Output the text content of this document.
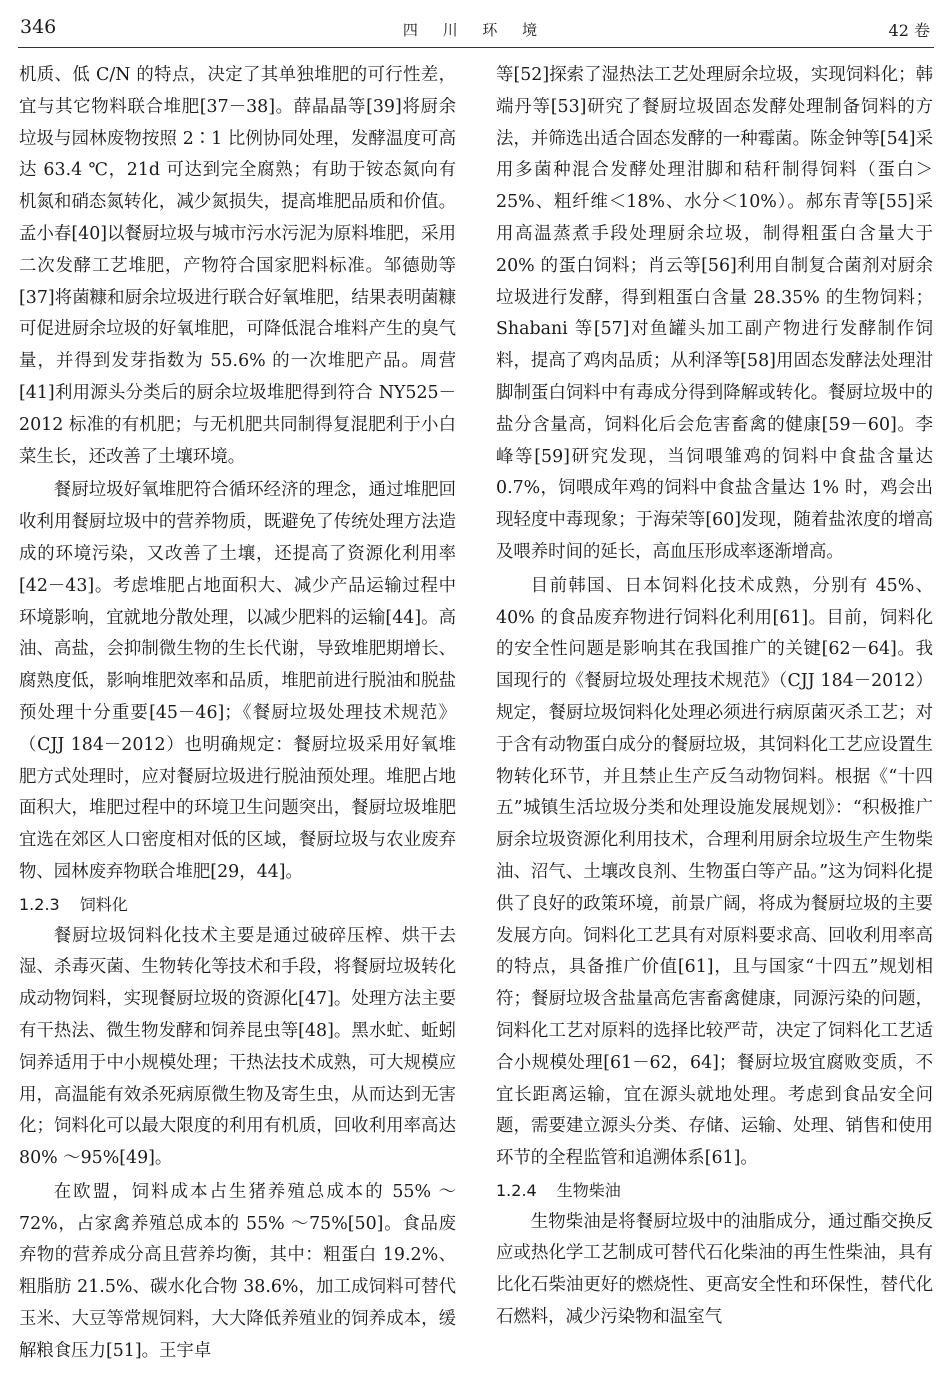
346	四 川 环 境	42 卷

机质、低 C/N 的特点，决定了其单独堆肥的可行性差，宜与其它物料联合堆肥[37－38]。薛晶晶等[39]将厨余垃圾与园林废物按照 2∶1 比例协同处理，发酵温度可高达 63.4 ℃，21d 可达到完全腐熟；有助于铵态氮向有机氮和硝态氮转化，减少氮损失，提高堆肥品质和价值。孟小春[40]以餐厨垃圾与城市污水污泥为原料堆肥，采用二次发酵工艺堆肥，产物符合国家肥料标准。邹德勋等[37]将菌糠和厨余垃圾进行联合好氧堆肥，结果表明菌糠可促进厨余垃圾的好氧堆肥，可降低混合堆料产生的臭气量，并得到发芽指数为 55.6% 的一次堆肥产品。周营[41]利用源头分类后的厨余垃圾堆肥得到符合 NY525－2012 标准的有机肥；与无机肥共同制得复混肥利于小白菜生长，还改善了土壤环境。

餐厨垃圾好氧堆肥符合循环经济的理念，通过堆肥回收利用餐厨垃圾中的营养物质，既避免了传统处理方法造成的环境污染，又改善了土壤，还提高了资源化利用率[42－43]。考虑堆肥占地面积大、减少产品运输过程中环境影响，宜就地分散处理，以减少肥料的运输[44]。高油、高盐，会抑制微生物的生长代谢，导致堆肥期增长、腐熟度低，影响堆肥效率和品质，堆肥前进行脱油和脱盐预处理十分重要[45－46]；《餐厨垃圾处理技术规范》（CJJ 184－2012）也明确规定：餐厨垃圾采用好氧堆肥方式处理时，应对餐厨垃圾进行脱油预处理。堆肥占地面积大，堆肥过程中的环境卫生问题突出，餐厨垃圾堆肥宜选在郊区人口密度相对低的区域，餐厨垃圾与农业废弃物、园林废弃物联合堆肥[29，44]。

1.2.3 饲料化

餐厨垃圾饲料化技术主要是通过破碎压榨、烘干去湿、杀毒灭菌、生物转化等技术和手段，将餐厨垃圾转化成动物饲料，实现餐厨垃圾的资源化[47]。处理方法主要有干热法、微生物发酵和饲养昆虫等[48]。黑水虻、蚯蚓饲养适用于中小规模处理；干热法技术成熟，可大规模应用，高温能有效杀死病原微生物及寄生虫，从而达到无害化；饲料化可以最大限度的利用有机质，回收利用率高达 80% ～95%[49]。

在欧盟，饲料成本占生猪养殖总成本的 55% ～72%，占家禽养殖总成本的 55% ～75%[50]。食品废弃物的营养成分高且营养均衡，其中：粗蛋白 19.2%、粗脂肪 21.5%、碳水化合物 38.6%，加工成饲料可替代玉米、大豆等常规饲料，大大降低养殖业的饲养成本，缓解粮食压力[51]。王宇卓

等[52]探索了湿热法工艺处理厨余垃圾，实现饲料化；韩端丹等[53]研究了餐厨垃圾固态发酵处理制备饲料的方法，并筛选出适合固态发酵的一种霉菌。陈金钟等[54]采用多菌种混合发酵处理泔脚和秸秆制得饲料（蛋白＞25%、粗纤维＜18%、水分＜10%）。郝东青等[55]采用高温蒸煮手段处理厨余垃圾，制得粗蛋白含量大于 20% 的蛋白饲料；肖云等[56]利用自制复合菌剂对厨余垃圾进行发酵，得到粗蛋白含量 28.35% 的生物饲料；Shabani 等[57]对鱼罐头加工副产物进行发酵制作饲料，提高了鸡肉品质；从利泽等[58]用固态发酵法处理泔脚制蛋白饲料中有毒成分得到降解或转化。餐厨垃圾中的盐分含量高，饲料化后会危害畜禽的健康[59－60]。李峰等[59]研究发现，当饲喂雏鸡的饲料中食盐含量达 0.7%，饲喂成年鸡的饲料中食盐含量达 1% 时，鸡会出现轻度中毒现象；于海荣等[60]发现，随着盐浓度的增高及喂养时间的延长，高血压形成率逐渐增高。

目前韩国、日本饲料化技术成熟，分别有 45%、40% 的食品废弃物进行饲料化利用[61]。目前，饲料化的安全性问题是影响其在我国推广的关键[62－64]。我国现行的《餐厨垃圾处理技术规范》（CJJ 184－2012）规定，餐厨垃圾饲料化处理必须进行病原菌灭杀工艺；对于含有动物蛋白成分的餐厨垃圾，其饲料化工艺应设置生物转化环节，并且禁止生产反刍动物饲料。根据《“十四五”城镇生活垃圾分类和处理设施发展规划》：“积极推广厨余垃圾资源化利用技术，合理利用厨余垃圾生产生物柴油、沼气、土壤改良剂、生物蛋白等产品。”这为饲料化提供了良好的政策环境，前景广阔，将成为餐厨垃圾的主要发展方向。饲料化工艺具有对原料要求高、回收利用率高的特点，具备推广价值[61]，且与国家“十四五”规划相符；餐厨垃圾含盐量高危害畜禽健康，同源污染的问题，饲料化工艺对原料的选择比较严苛，决定了饲料化工艺适合小规模处理[61－62，64]；餐厨垃圾宜腐败变质，不宜长距离运输，宜在源头就地处理。考虑到食品安全问题，需要建立源头分类、存储、运输、处理、销售和使用环节的全程监管和追溯体系[61]。

1.2.4 生物柴油

生物柴油是将餐厨垃圾中的油脂成分，通过酯交换反应或热化学工艺制成可替代石化柴油的再生性柴油，具有比化石柴油更好的燃烧性、更高安全性和环保性，替代化石燃料，减少污染物和温室气
